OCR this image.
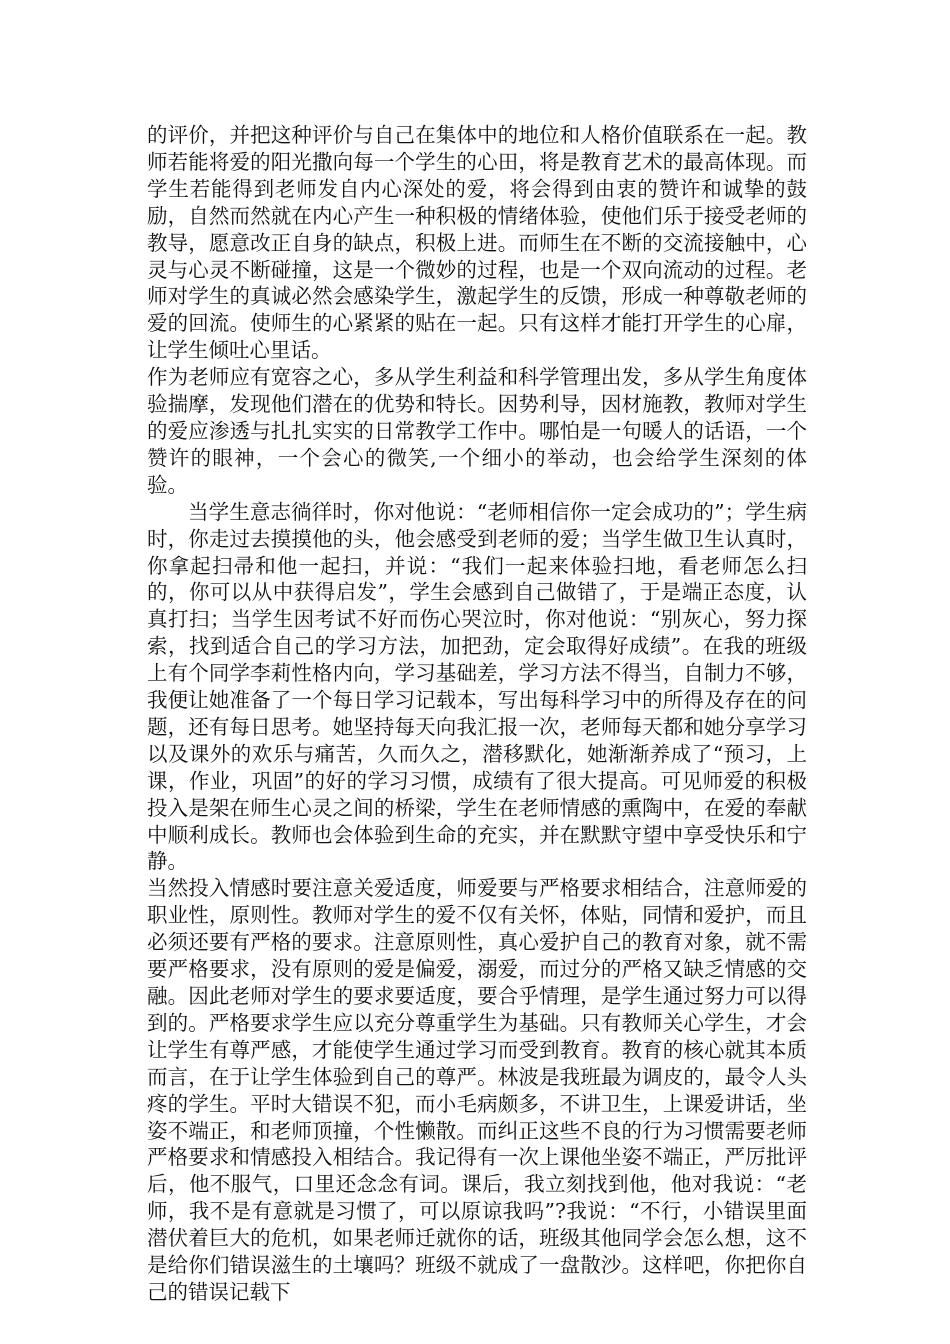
的评价，并把这种评价与自己在集体中的地位和人格价值联系在一起。教师若能将爱的阳光撒向每一个学生的心田，将是教育艺术的最高体现。而学生若能得到老师发自内心深处的爱，将会得到由衷的赞许和诚挚的鼓励，自然而然就在内心产生一种积极的情绪体验，使他们乐于接受老师的教导，愿意改正自身的缺点，积极上进。而师生在不断的交流接触中，心灵与心灵不断碰撞，这是一个微妙的过程，也是一个双向流动的过程。老师对学生的真诚必然会感染学生，激起学生的反馈，形成一种尊敬老师的爱的回流。使师生的心紧紧的贴在一起。只有这样才能打开学生的心扉，让学生倾吐心里话。

作为老师应有宽容之心，多从学生利益和科学管理出发，多从学生角度体验揣摩，发现他们潜在的优势和特长。因势利导，因材施教，教师对学生的爱应渗透与扎扎实实的日常教学工作中。哪怕是一句暖人的话语，一个赞许的眼神，一个会心的微笑,一个细小的举动，也会给学生深刻的体验。

当学生意志徜徉时，你对他说：“老师相信你一定会成功的”；学生病时，你走过去摸摸他的头，他会感受到老师的爱；当学生做卫生认真时，你拿起扫帚和他一起扫，并说：“我们一起来体验扫地，看老师怎么扫的，你可以从中获得启发”，学生会感到自己做错了，于是端正态度，认真打扫；当学生因考试不好而伤心哭泣时，你对他说：“别灰心，努力探索，找到适合自己的学习方法，加把劲，定会取得好成绩”。在我的班级上有个同学李莉性格内向，学习基础差，学习方法不得当，自制力不够，我便让她准备了一个每日学习记载本，写出每科学习中的所得及存在的问题，还有每日思考。她坚持每天向我汇报一次，老师每天都和她分享学习以及课外的欢乐与痛苦，久而久之，潜移默化，她渐渐养成了“预习，上课，作业，巩固”的好的学习习惯，成绩有了很大提高。可见师爱的积极投入是架在师生心灵之间的桥梁，学生在老师情感的熏陶中，在爱的奉献中顺利成长。教师也会体验到生命的充实，并在默默守望中享受快乐和宁静。

当然投入情感时要注意关爱适度，师爱要与严格要求相结合，注意师爱的职业性，原则性。教师对学生的爱不仅有关怀，体贴，同情和爱护，而且必须还要有严格的要求。注意原则性，真心爱护自己的教育对象，就不需要严格要求，没有原则的爱是偏爱，溺爱，而过分的严格又缺乏情感的交融。因此老师对学生的要求要适度，要合乎情理，是学生通过努力可以得到的。严格要求学生应以充分尊重学生为基础。只有教师关心学生，才会让学生有尊严感，才能使学生通过学习而受到教育。教育的核心就其本质而言，在于让学生体验到自己的尊严。林波是我班最为调皮的，最令人头疼的学生。平时大错误不犯，而小毛病颇多，不讲卫生，上课爱讲话，坐姿不端正，和老师顶撞，个性懒散。而纠正这些不良的行为习惯需要老师严格要求和情感投入相结合。我记得有一次上课他坐姿不端正，严厉批评后，他不服气，口里还念念有词。课后，我立刻找到他，他对我说：“老师，我不是有意就是习惯了，可以原谅我吗”?我说：“不行，小错误里面潜伏着巨大的危机，如果老师迁就你的话，班级其他同学会怎么想，这不是给你们错误滋生的土壤吗？班级不就成了一盘散沙。这样吧，你把你自己的错误记载下
